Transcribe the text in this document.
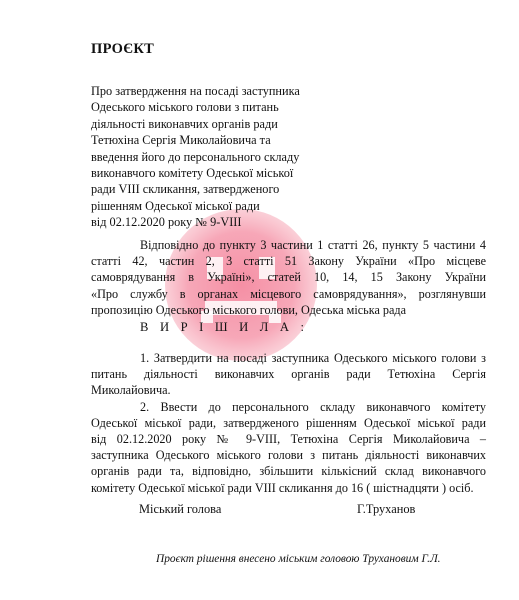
ПРОЄКТ
Про затвердження на посаді заступника
Одеського міського голови з питань
діяльності виконавчих органів ради
Тетюхіна Сергія Миколайовича та
введення його до персонального складу
виконавчого комітету Одеської міської
ради VIII скликання, затвердженого
рішенням Одеської міської ради
від 02.12.2020 року № 9-VIII
Відповідно до пункту 3 частини 1 статті 26, пункту 5 частини 4
статті 42, частин 2, 3 статті 51 Закону України «Про місцеве
самоврядування в Україні», статей 10, 14, 15 Закону України
«Про службу в органах місцевого самоврядування», розглянувши
пропозицію Одеського міського голови, Одеська міська рада
В И Р І Ш И Л А :
1. Затвердити на посаді заступника Одеського міського голови з
питань діяльності виконавчих органів ради Тетюхіна Сергія
Миколайовича.
2. Ввести до персонального складу виконавчого комітету
Одеської міської ради, затвердженого рішенням Одеської міської ради
від 02.12.2020 року № 9-VIII, Тетюхіна Сергія Миколайовича –
заступника Одеського міського голови з питань діяльності виконавчих
органів ради та, відповідно, збільшити кількісний склад виконавчого
комітету Одеської міської ради VIII скликання до 16 ( шістнадцяти ) осіб.
Міський голова	Г.Труханов
Проєкт рішення внесено міським головою Трухановим Г.Л.
